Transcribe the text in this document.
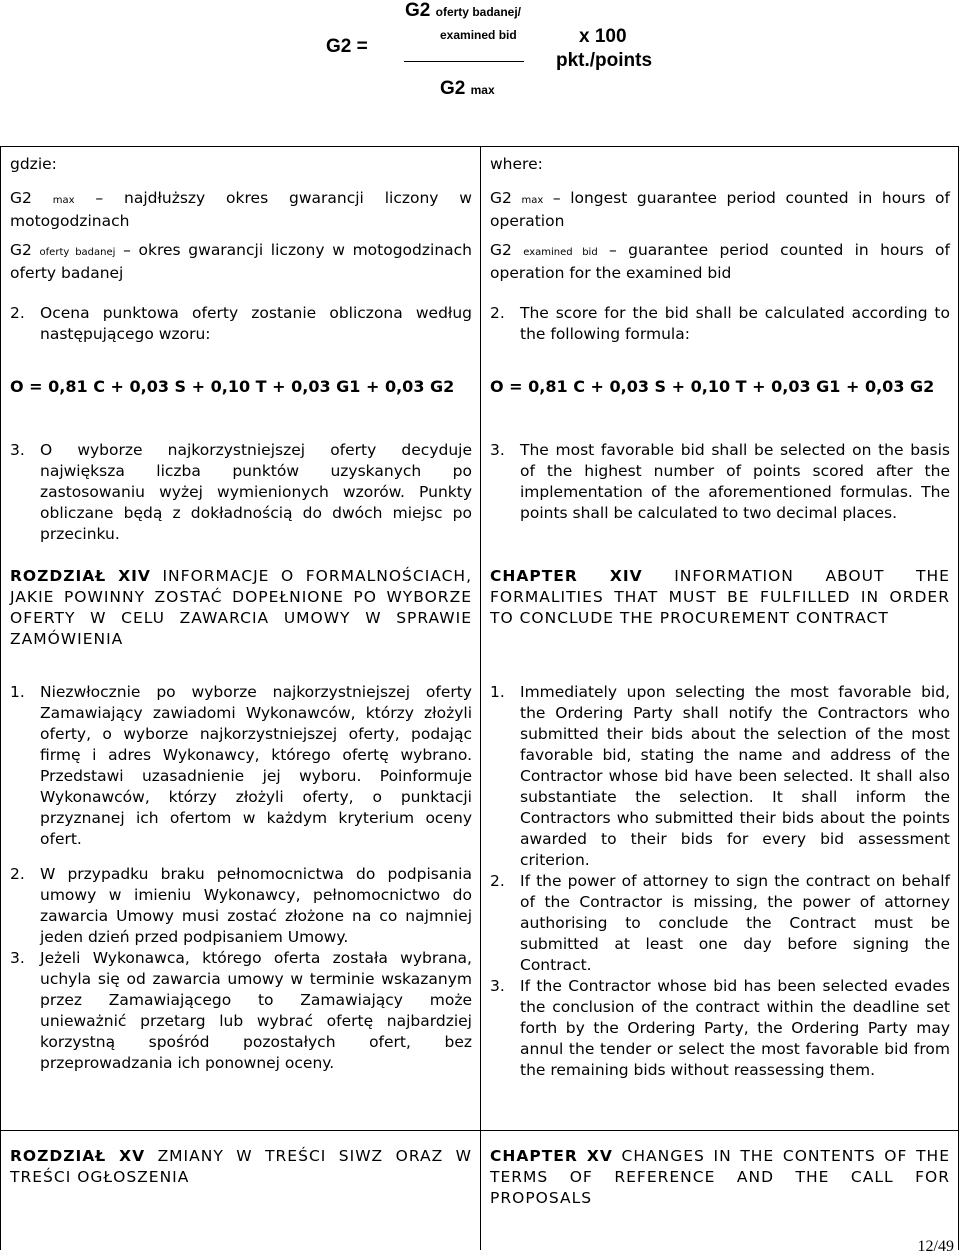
G2 =
G2 oferty badanej/
examined bid
G2 max
x 100
pkt./points
gdzie:
G2 max – najdłuższy okres gwarancji liczony w motogodzinach
G2 oferty badanej – okres gwarancji liczony w motogodzinach oferty badanej
2. Ocena punktowa oferty zostanie obliczona według następującego wzoru:
O = 0,81 C + 0,03 S + 0,10 T + 0,03 G1 + 0,03 G2
3. O wyborze najkorzystniejszej oferty decyduje największa liczba punktów uzyskanych po zastosowaniu wyżej wymienionych wzorów. Punkty obliczane będą z dokładnością do dwóch miejsc po przecinku.
ROZDZIAŁ XIV INFORMACJE O FORMALNOŚCIACH, JAKIE POWINNY ZOSTAĆ DOPEŁNIONE PO WYBORZE OFERTY W CELU ZAWARCIA UMOWY W SPRAWIE ZAMÓWIENIA
1. Niezwłocznie po wyborze najkorzystniejszej oferty Zamawiający zawiadomi Wykonawców, którzy złożyli oferty, o wyborze najkorzystniejszej oferty, podając firmę i adres Wykonawcy, którego ofertę wybrano. Przedstawi uzasadnienie jej wyboru. Poinformuje Wykonawców, którzy złożyli oferty, o punktacji przyznanej ich ofertom w każdym kryterium oceny ofert.
2. W przypadku braku pełnomocnictwa do podpisania umowy w imieniu Wykonawcy, pełnomocnictwo do zawarcia Umowy musi zostać złożone na co najmniej jeden dzień przed podpisaniem Umowy.
3. Jeżeli Wykonawca, którego oferta została wybrana, uchyla się od zawarcia umowy w terminie wskazanym przez Zamawiającego to Zamawiający może unieważnić przetarg lub wybrać ofertę najbardziej korzystną spośród pozostałych ofert, bez przeprowadzania ich ponownej oceny.
ROZDZIAŁ XV ZMIANY W TREŚCI SIWZ ORAZ W TREŚCI OGŁOSZENIA
where:
G2 max – longest guarantee period counted in hours of operation
G2 examined bid – guarantee period counted in hours of operation for the examined bid
2. The score for the bid shall be calculated according to the following formula:
O = 0,81 C + 0,03 S + 0,10 T + 0,03 G1 + 0,03 G2
3. The most favorable bid shall be selected on the basis of the highest number of points scored after the implementation of the aforementioned formulas. The points shall be calculated to two decimal places.
CHAPTER XIV INFORMATION ABOUT THE FORMALITIES THAT MUST BE FULFILLED IN ORDER TO CONCLUDE THE PROCUREMENT CONTRACT
1. Immediately upon selecting the most favorable bid, the Ordering Party shall notify the Contractors who submitted their bids about the selection of the most favorable bid, stating the name and address of the Contractor whose bid have been selected. It shall also substantiate the selection. It shall inform the Contractors who submitted their bids about the points awarded to their bids for every bid assessment criterion.
2. If the power of attorney to sign the contract on behalf of the Contractor is missing, the power of attorney authorising to conclude the Contract must be submitted at least one day before signing the Contract.
3. If the Contractor whose bid has been selected evades the conclusion of the contract within the deadline set forth by the Ordering Party, the Ordering Party may annul the tender or select the most favorable bid from the remaining bids without reassessing them.
CHAPTER XV CHANGES IN THE CONTENTS OF THE TERMS OF REFERENCE AND THE CALL FOR PROPOSALS
12/49
